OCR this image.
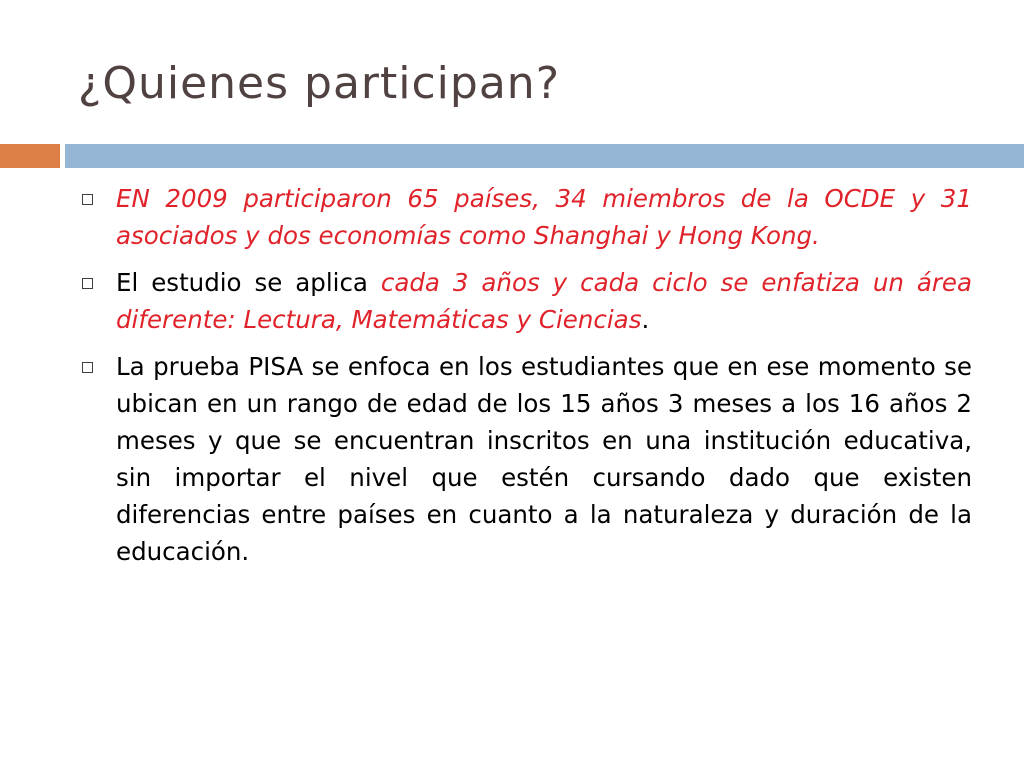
¿Quienes participan?
EN 2009 participaron 65 países, 34 miembros de la OCDE y 31 asociados y dos economías como Shanghai y Hong Kong.
El estudio se aplica cada 3 años y cada ciclo se enfatiza un área diferente: Lectura, Matemáticas y Ciencias.
La prueba PISA se enfoca en los estudiantes que en ese momento se ubican en un rango de edad de los 15 años 3 meses a los 16 años 2 meses y que se encuentran inscritos en una institución educativa, sin importar el nivel que estén cursando dado que existen diferencias entre países en cuanto a la naturaleza y duración de la educación.
